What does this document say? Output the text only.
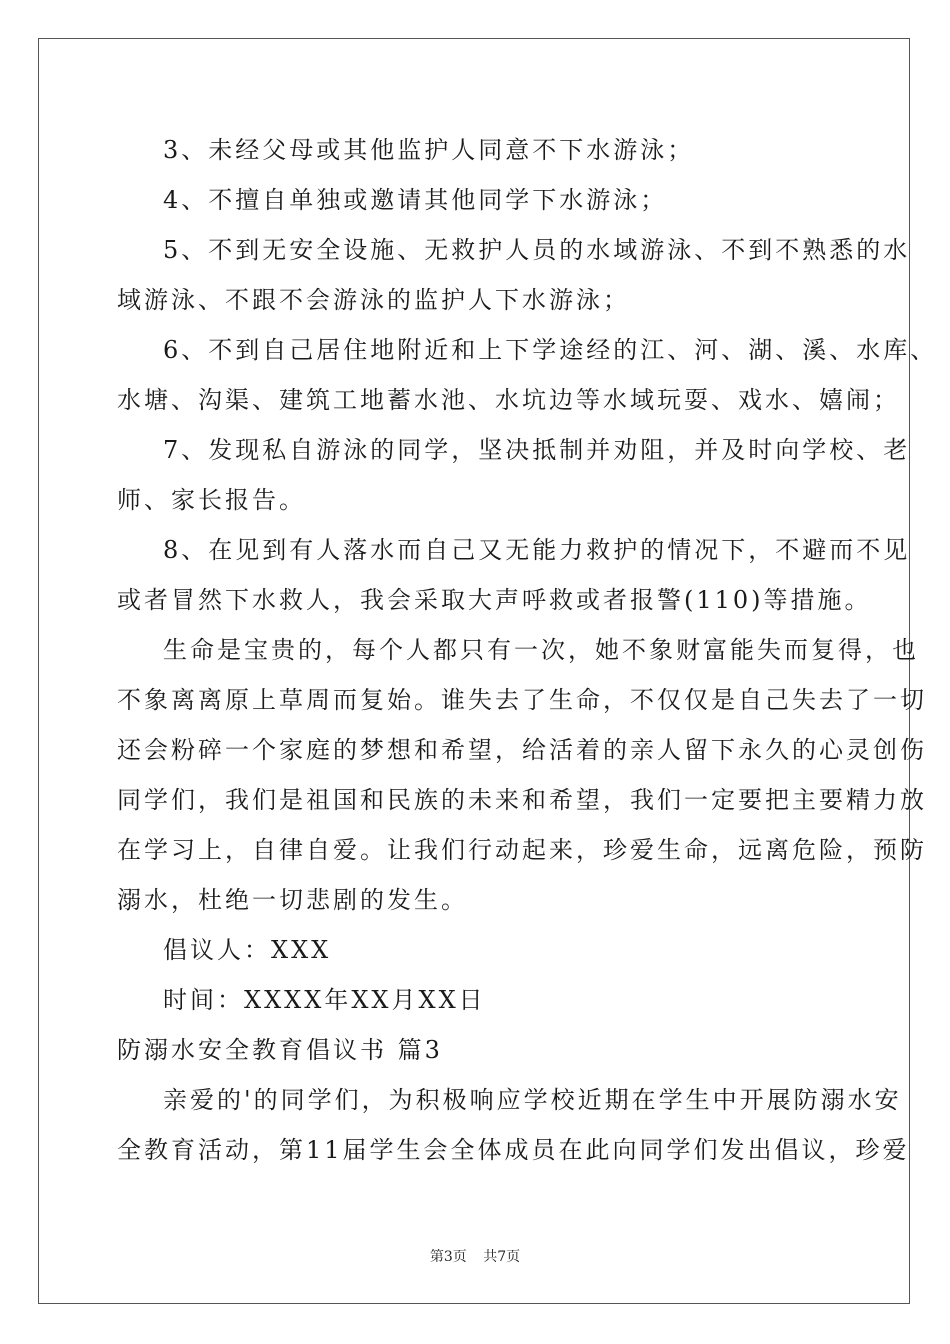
3、未经父母或其他监护人同意不下水游泳；
4、不擅自单独或邀请其他同学下水游泳；
5、不到无安全设施、无救护人员的水域游泳、不到不熟悉的水
域游泳、不跟不会游泳的监护人下水游泳；
6、不到自己居住地附近和上下学途经的江、河、湖、溪、水库、
水塘、沟渠、建筑工地蓄水池、水坑边等水域玩耍、戏水、嬉闹；
7、发现私自游泳的同学，坚决抵制并劝阻，并及时向学校、老
师、家长报告。
8、在见到有人落水而自己又无能力救护的情况下，不避而不见
或者冒然下水救人，我会采取大声呼救或者报警(110)等措施。
生命是宝贵的，每个人都只有一次，她不象财富能失而复得，也
不象离离原上草周而复始。谁失去了生命，不仅仅是自己失去了一切
还会粉碎一个家庭的梦想和希望，给活着的亲人留下永久的心灵创伤
同学们，我们是祖国和民族的未来和希望，我们一定要把主要精力放
在学习上，自律自爱。让我们行动起来，珍爱生命，远离危险，预防
溺水，杜绝一切悲剧的发生。
倡议人：XXX
时间：XXXX年XX月XX日
防溺水安全教育倡议书 篇3
亲爱的'的同学们，为积极响应学校近期在学生中开展防溺水安
全教育活动，第11届学生会全体成员在此向同学们发出倡议，珍爱
第3页 共7页
